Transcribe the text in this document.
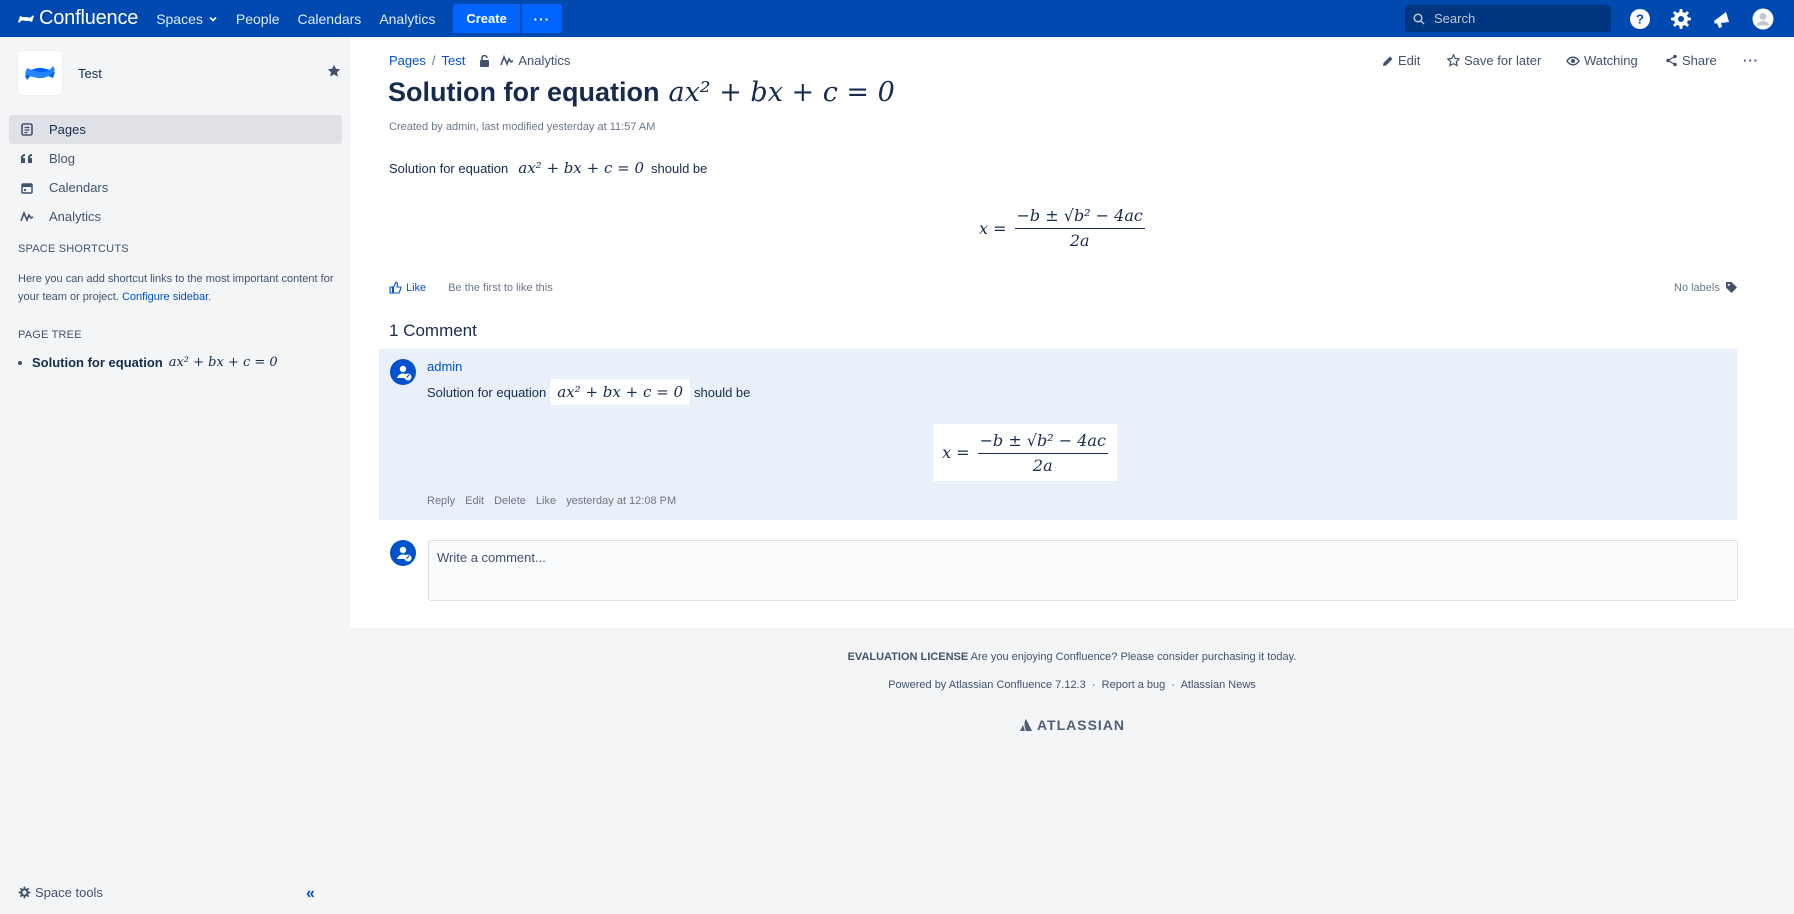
Confluence Spaces People Calendars Analytics	Create	···	Search	?
Test
Pages
Blog
Calendars
Analytics
SPACE SHORTCUTS
Here you can add shortcut links to the most important content for your team or project. Configure sidebar.
PAGE TREE
Solution for equation ax² + bx + c = 0
Space tools	«
Pages / Test	Analytics	Edit	Save for later	Watching	Share ···
Solution for equation ax² + bx + c = 0
Created by admin, last modified yesterday at 11:57 AM
Solution for equation ax² + bx + c = 0 should be
$x = \frac{\text{−b ± √b² − 4ac}}{2a}$
Like Be the first to like this	No labels
1 Comment
admin
Solution for equation ax² + bx + c = 0 should be
$x = \frac{\text{−b ± √b² − 4ac}}{2a}$
Reply Edit Delete Like yesterday at 12:08 PM
Write a comment...
EVALUATION LICENSE Are you enjoying Confluence? Please consider purchasing it today.
Powered by Atlassian Confluence 7.12.3  ·  Report a bug  ·  Atlassian News
ATLASSIAN
